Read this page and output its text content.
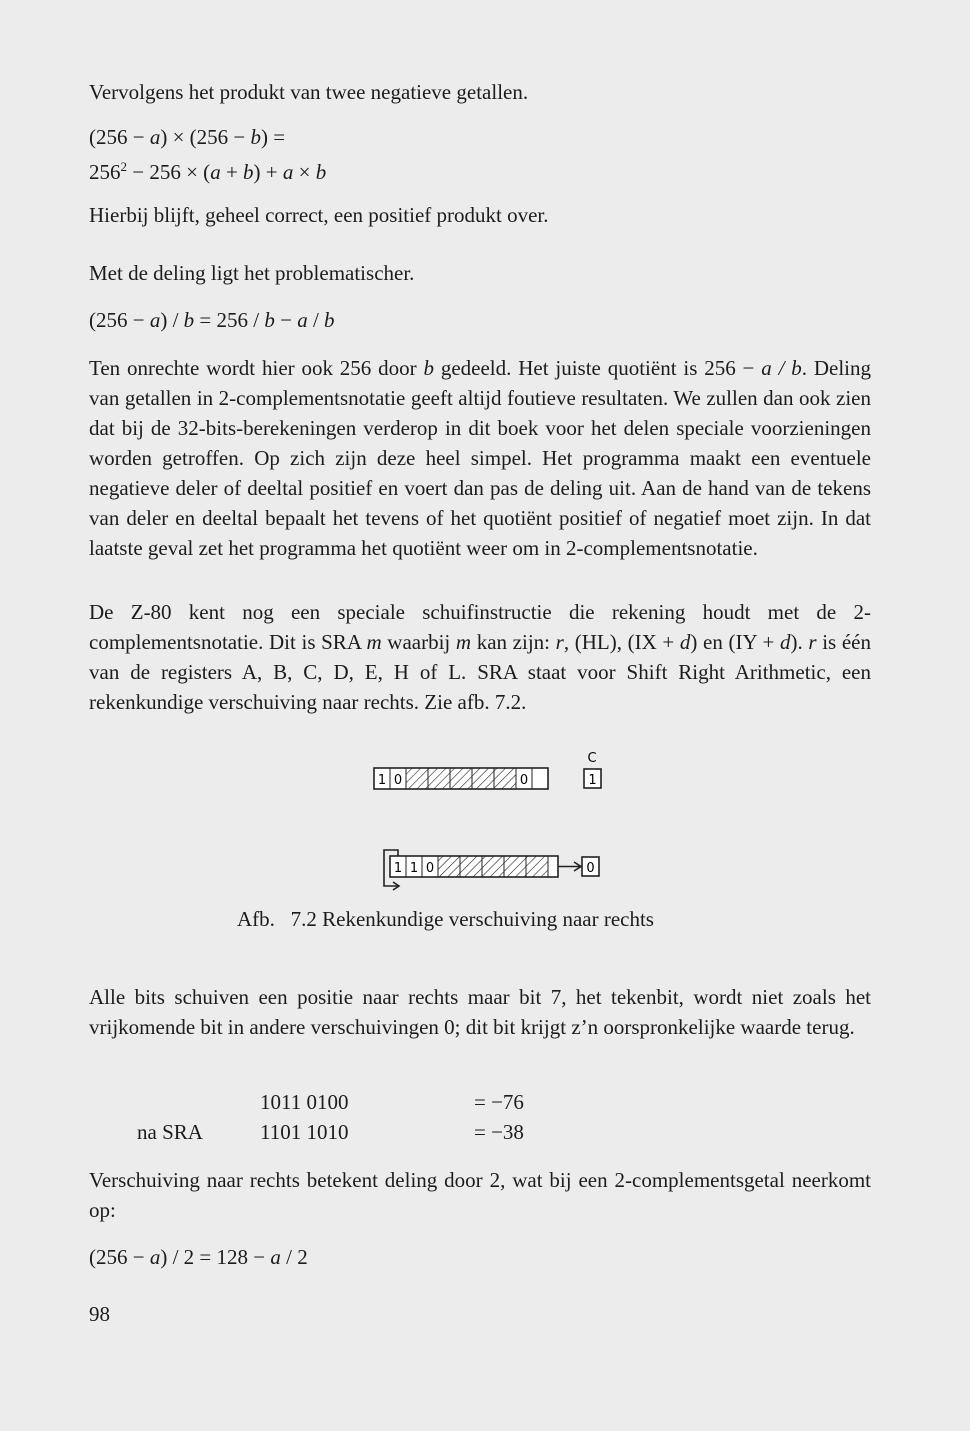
Vervolgens het produkt van twee negatieve getallen.
(256 − a) × (256 − b) =
$256^2 - 256 \times (a + b) + a \times b$
Hierbij blijft, geheel correct, een positief produkt over.
Met de deling ligt het problematischer.
(256 − a) / b = 256 / b − a / b
Ten onrechte wordt hier ook 256 door b gedeeld. Het juiste quotiënt is 256 − a / b. Deling van getallen in 2-complementsnotatie geeft altijd foutieve resultaten. We zullen dan ook zien dat bij de 32-bits-berekeningen verderop in dit boek voor het delen speciale voorzieningen worden getroffen. Op zich zijn deze heel simpel. Het programma maakt een eventuele negatieve deler of deeltal positief en voert dan pas de deling uit. Aan de hand van de tekens van deler en deeltal bepaalt het tevens of het quotiënt positief of negatief moet zijn. In dat laatste geval zet het programma het quotiënt weer om in 2-complementsnotatie.
De Z-80 kent nog een speciale schuifinstructie die rekening houdt met de 2-complementsnotatie. Dit is SRA m waarbij m kan zijn: r, (HL), (IX + d) en (IY + d). r is één van de registers A, B, C, D, E, H of L. SRA staat voor Shift Right Arithmetic, een rekenkundige verschuiving naar rechts. Zie afb. 7.2.
C
1 0	0	1
1 1 0	0
Afb.   7.2 Rekenkundige verschuiving naar rechts
Alle bits schuiven een positie naar rechts maar bit 7, het tekenbit, wordt niet zoals het vrijkomende bit in andere verschuivingen 0; dit bit krijgt z’n oorspronkelijke waarde terug.
1011 0100	= −76
na SRA	1101 1010	= −38
Verschuiving naar rechts betekent deling door 2, wat bij een 2-complementsgetal neerkomt op:
(256 − a) / 2 = 128 − a / 2
98
